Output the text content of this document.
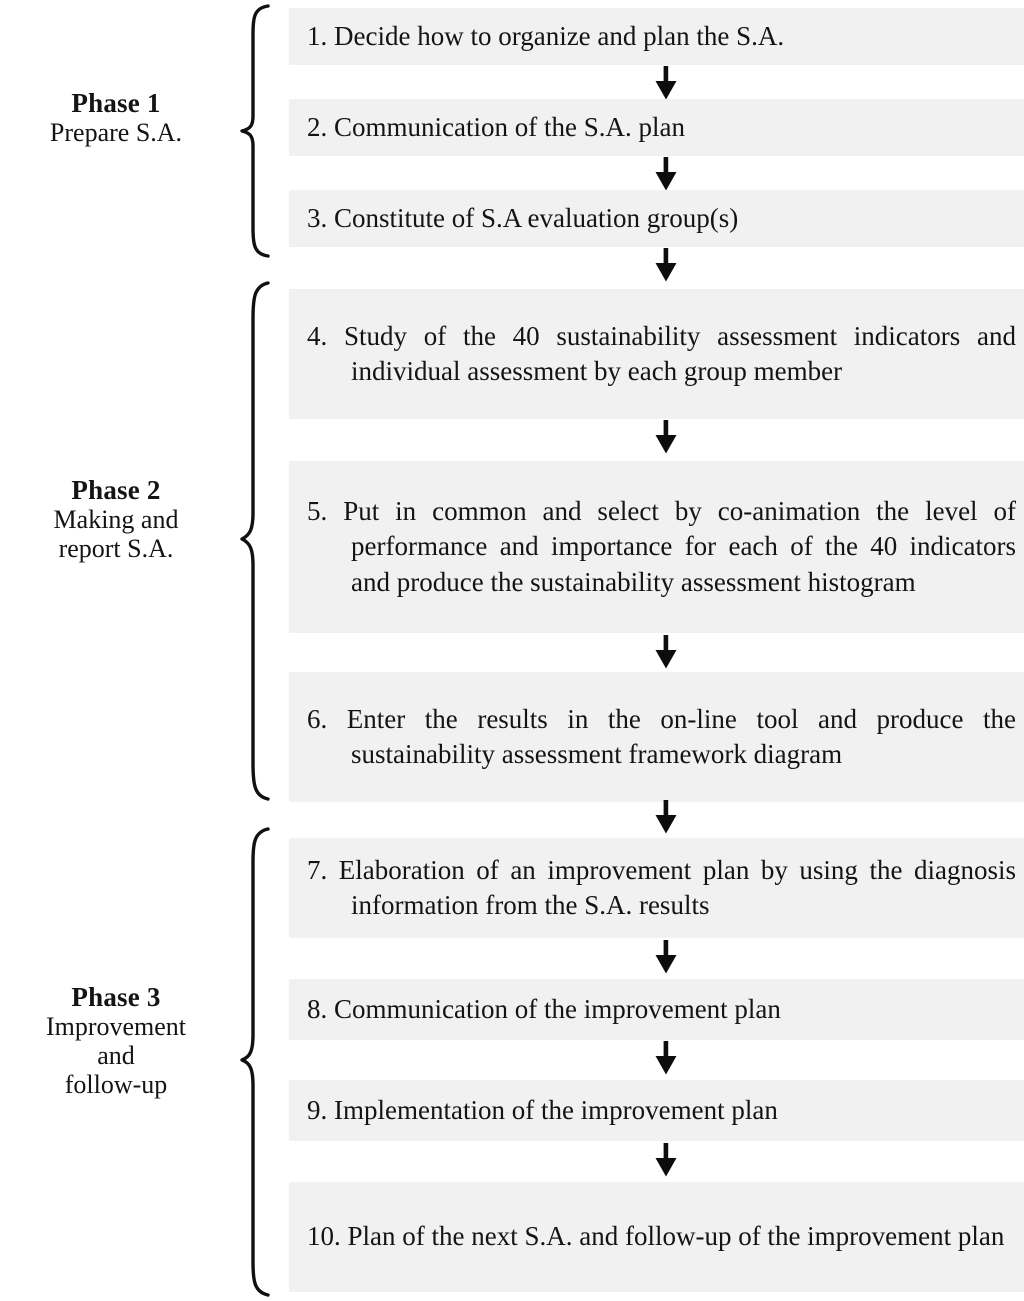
Phase 1
Prepare S.A.

1. Decide how to organize and plan the S.A.

2. Communication of the S.A. plan

3. Constitute of S.A evaluation group(s)

Phase 2
Making and
report S.A.

4. Study of the 40 sustainability assessment indicators and individual assessment by each group member

5. Put in common and select by co-animation the level of performance and importance for each of the 40 indicators and produce the sustainability assessment histogram

6. Enter the results in the on-line tool and produce the sustainability assessment framework diagram

Phase 3
Improvement
and
follow-up

7. Elaboration of an improvement plan by using the diagnosis information from the S.A. results

8. Communication of the improvement plan

9. Implementation of the improvement plan

10. Plan of the next S.A. and follow-up of the improvement plan
